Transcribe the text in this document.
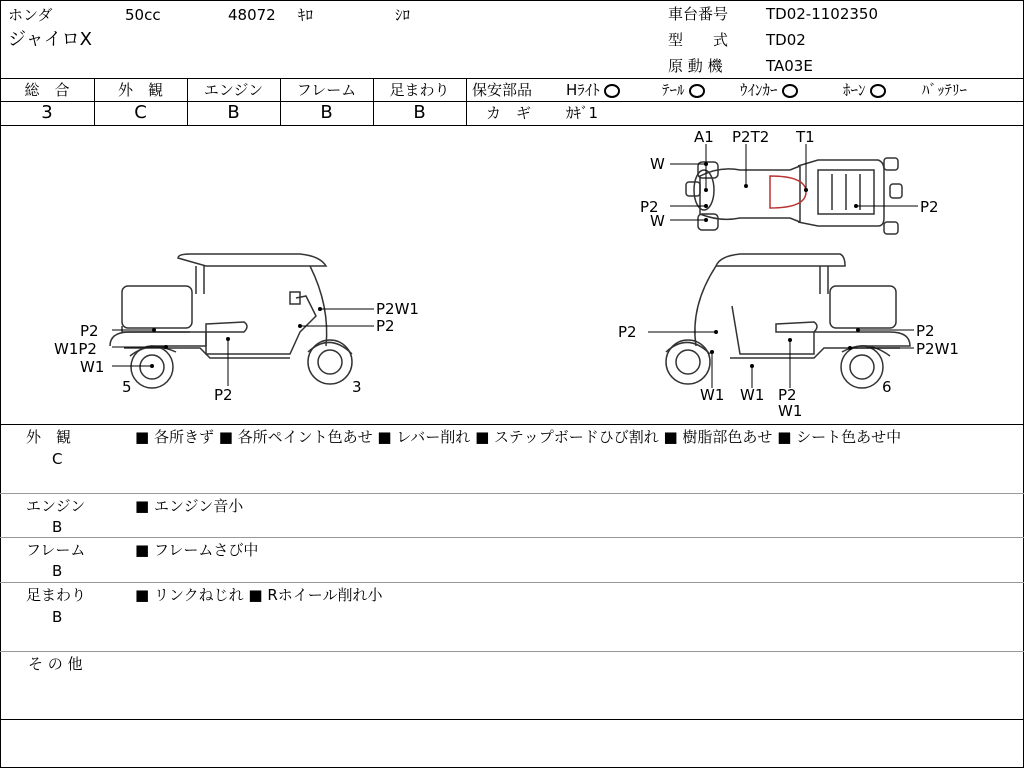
ホンダ	50cc	48072 ｷﾛ	ｼﾛ
ジャイロX
車台番号	TD02-1102350
型　　式	TD02
原 動 機	TA03E
総　合	外　観	エンジン	フレーム	足まわり
3	C	B	B	B
保安部品 Hﾗｲﾄ	ﾃｰﾙ	ｳｲﾝｶｰ	ﾎｰﾝ	ﾊﾞｯﾃﾘｰ
カ　ギ ｶｷﾞ1
A1 P2T2 T1
W
P2
W
P2
P2
W1P2
W1
5	P2
P2W1
P2
3
P2
W1 W1 P2
W1
P2
P2W1
6
外　観
C
■ 各所きず ■ 各所ペイント色あせ ■ レバー削れ ■ ステップボードひび割れ ■ 樹脂部色あせ ■ シート色あせ中
エンジン
B
■ エンジン音小
フレーム
B
■ フレームさび中
足まわり
B
■ リンクねじれ ■ Rホイール削れ小
そ の 他
